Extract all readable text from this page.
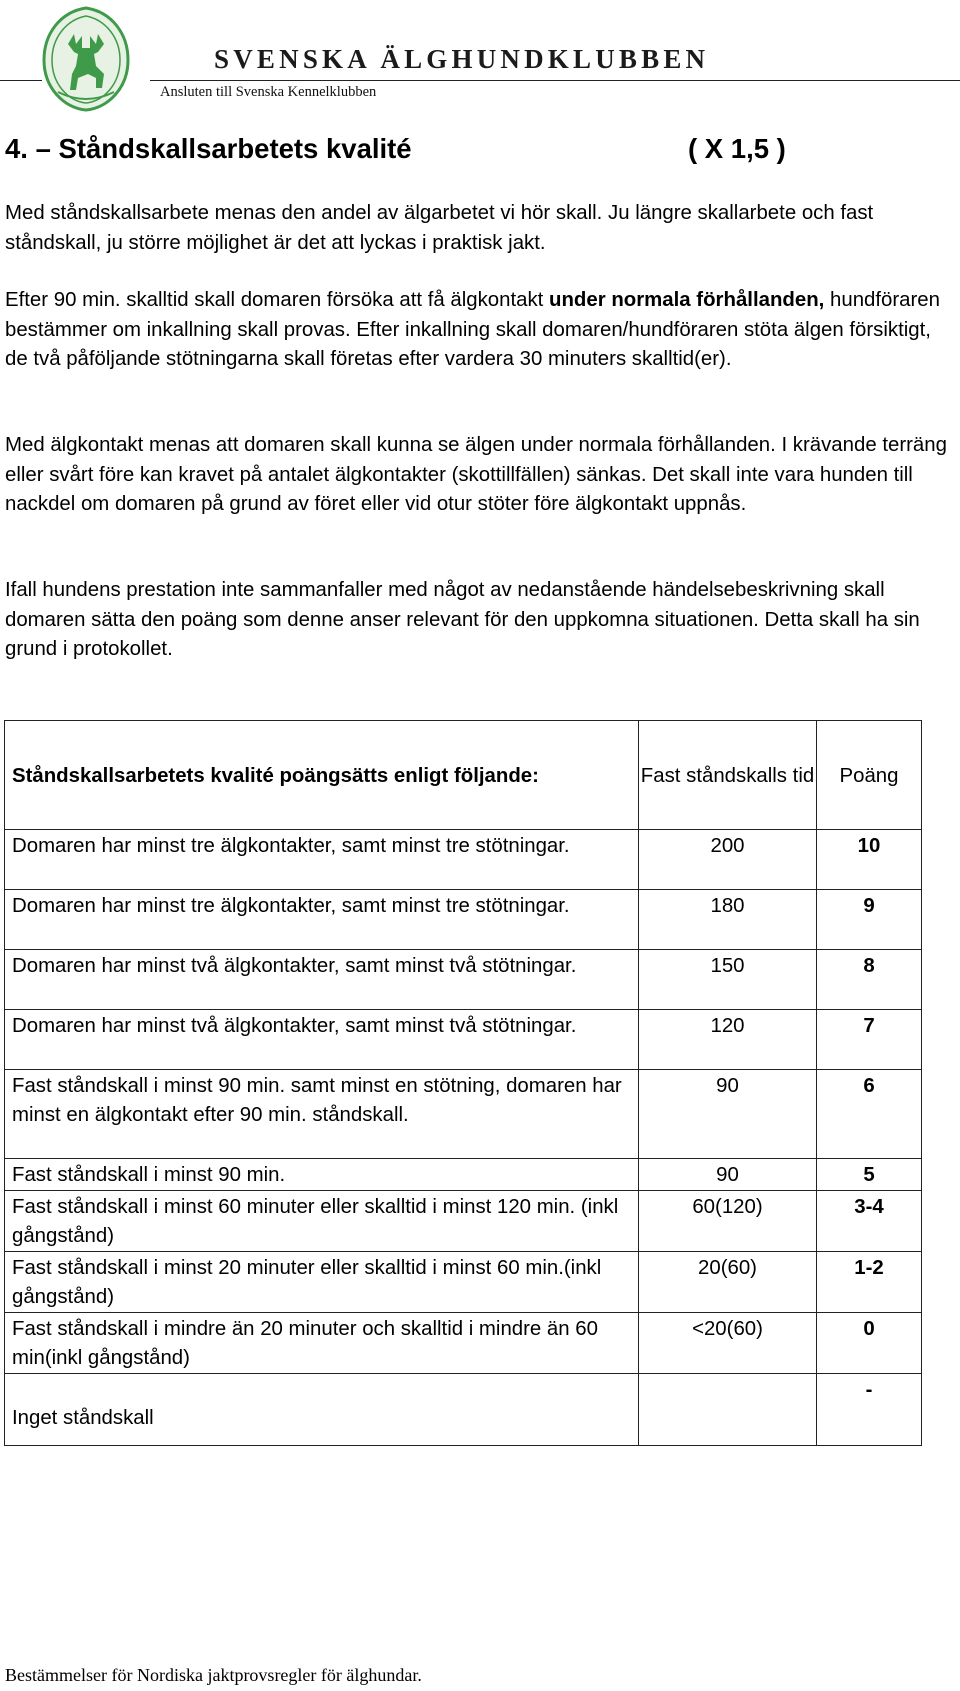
SVENSKA ÄLGHUNDKLUBBEN
Ansluten till Svenska Kennelklubben
4. – Ståndskallsarbetets kvalité	( X 1,5 )

Med ståndskallsarbete menas den andel av älgarbetet vi hör skall. Ju längre skallarbete och fast ståndskall, ju större möjlighet är det att lyckas i praktisk jakt.

Efter 90 min. skalltid skall domaren försöka att få älgkontakt under normala förhållanden, hundföraren bestämmer om inkallning skall provas. Efter inkallning skall domaren/hundföraren stöta älgen försiktigt, de två påföljande stötningarna skall företas efter vardera 30 minuters skalltid(er).

Med älgkontakt menas att domaren skall kunna se älgen under normala förhållanden. I krävande terräng eller svårt före kan kravet på antalet älgkontakter (skottillfällen) sänkas. Det skall inte vara hunden till nackdel om domaren på grund av föret eller vid otur stöter före älgkontakt uppnås.

Ifall hundens prestation inte sammanfaller med något av nedanstående händelsebeskrivning skall domaren sätta den poäng som denne anser relevant för den uppkomna situationen. Detta skall ha sin grund i protokollet.

Ståndskallsarbetets kvalité poängsätts enligt följande:	Fast ståndskalls tid	Poäng
Domaren har minst tre älgkontakter, samt minst tre stötningar.	200	10
Domaren har minst tre älgkontakter, samt minst tre stötningar.	180	9
Domaren har minst två älgkontakter, samt minst två stötningar.	150	8
Domaren har minst två älgkontakter, samt minst två stötningar.	120	7
Fast ståndskall i minst 90 min. samt minst en stötning, domaren har minst en älgkontakt efter 90 min. ståndskall.	90	6
Fast ståndskall i minst 90 min.	90	5
Fast ståndskall i minst 60 minuter eller skalltid i minst 120 min. (inkl gångstånd)	60(120)	3-4
Fast ståndskall i minst 20 minuter eller skalltid i minst 60 min.(inkl gångstånd)	20(60)	1-2
Fast ståndskall i mindre än 20 minuter och skalltid i mindre än 60 min(inkl gångstånd)	<20(60)	0
Inget ståndskall		-
Bestämmelser för Nordiska jaktprovsregler för älghundar.
